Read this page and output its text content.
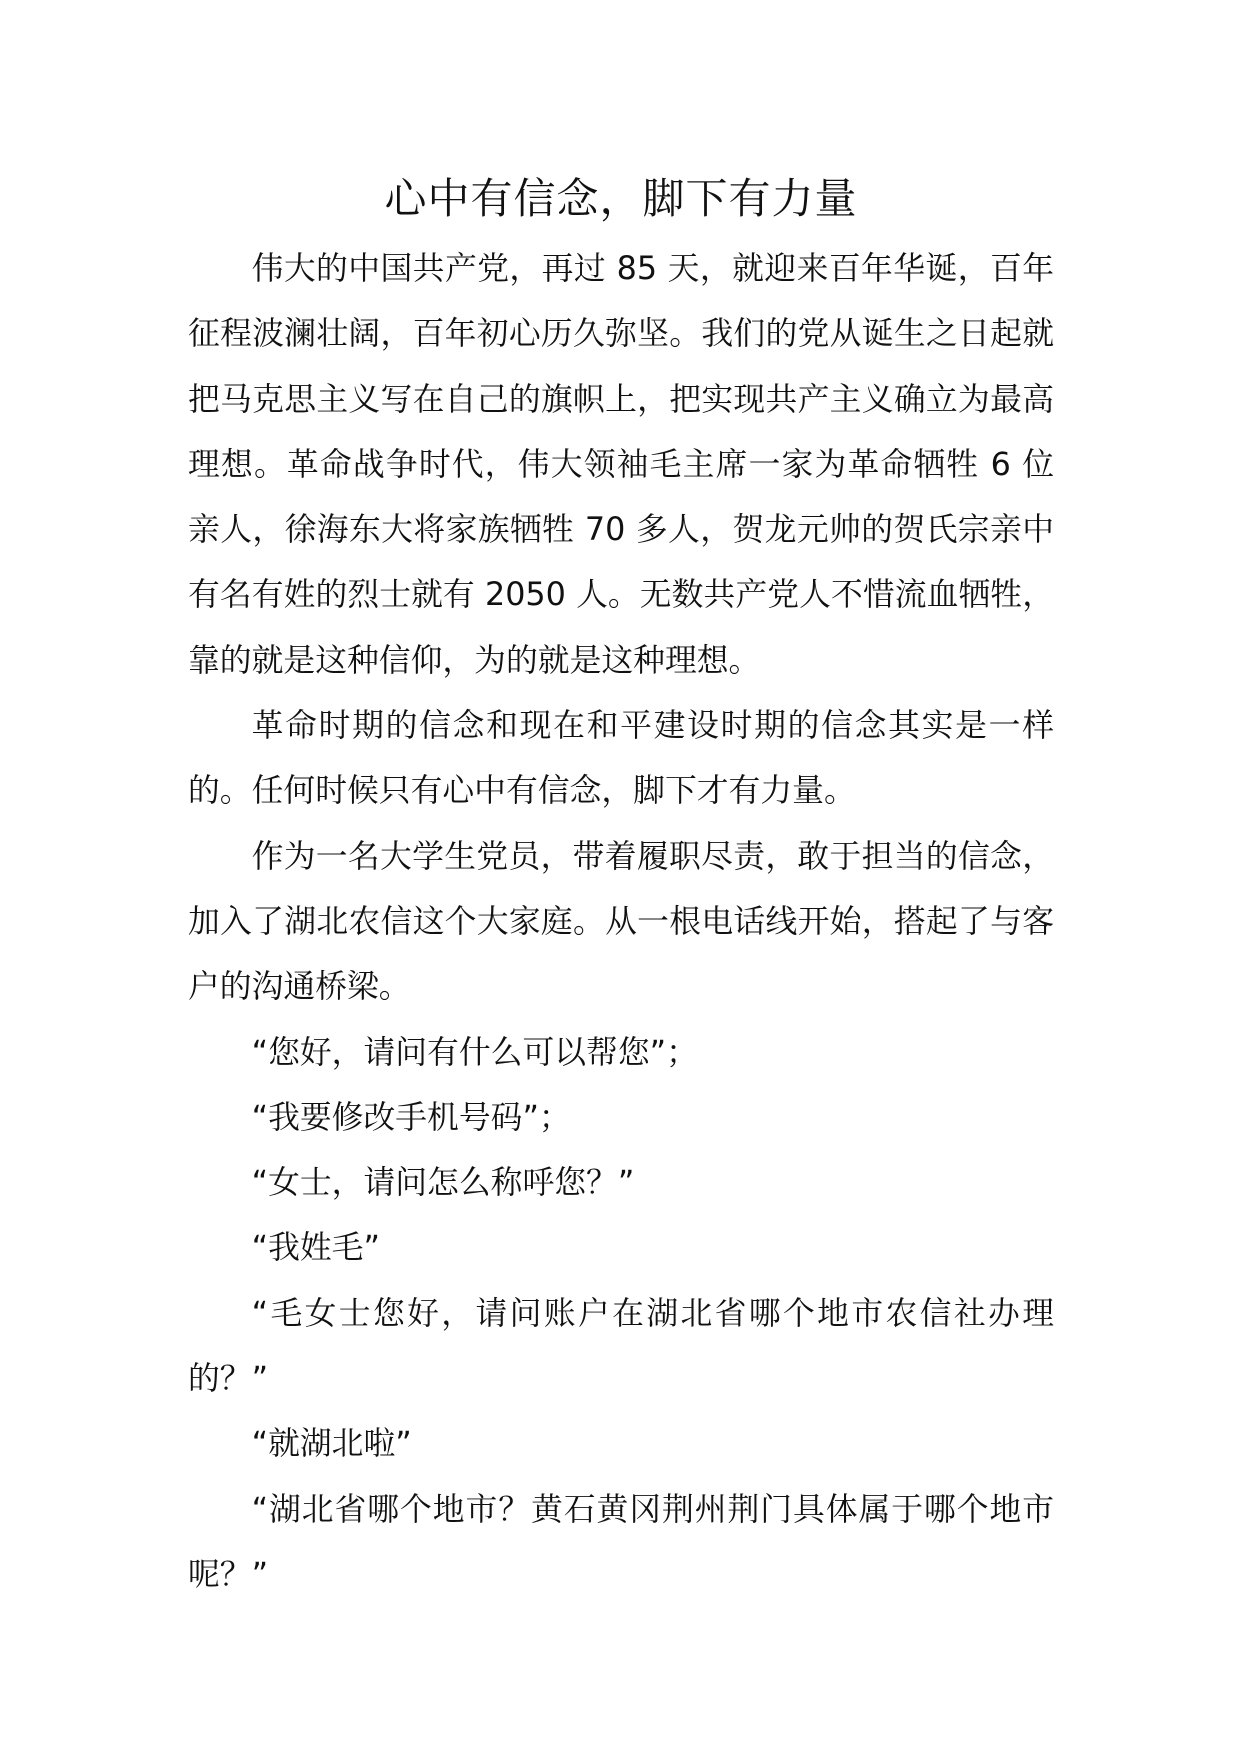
心中有信念，脚下有力量

伟大的中国共产党，再过 85 天，就迎来百年华诞，百年征程波澜壮阔，百年初心历久弥坚。我们的党从诞生之日起就把马克思主义写在自己的旗帜上，把实现共产主义确立为最高理想。革命战争时代，伟大领袖毛主席一家为革命牺牲 6 位亲人，徐海东大将家族牺牲 70 多人，贺龙元帅的贺氏宗亲中有名有姓的烈士就有 2050 人。无数共产党人不惜流血牺牲，靠的就是这种信仰，为的就是这种理想。

革命时期的信念和现在和平建设时期的信念其实是一样的。任何时候只有心中有信念，脚下才有力量。

作为一名大学生党员，带着履职尽责，敢于担当的信念，加入了湖北农信这个大家庭。从一根电话线开始，搭起了与客户的沟通桥梁。

“您好，请问有什么可以帮您”；

“我要修改手机号码”；

“女士，请问怎么称呼您？”

“我姓毛”

“毛女士您好，请问账户在湖北省哪个地市农信社办理的？”

“就湖北啦”

“湖北省哪个地市？黄石黄冈荆州荆门具体属于哪个地市呢？”
